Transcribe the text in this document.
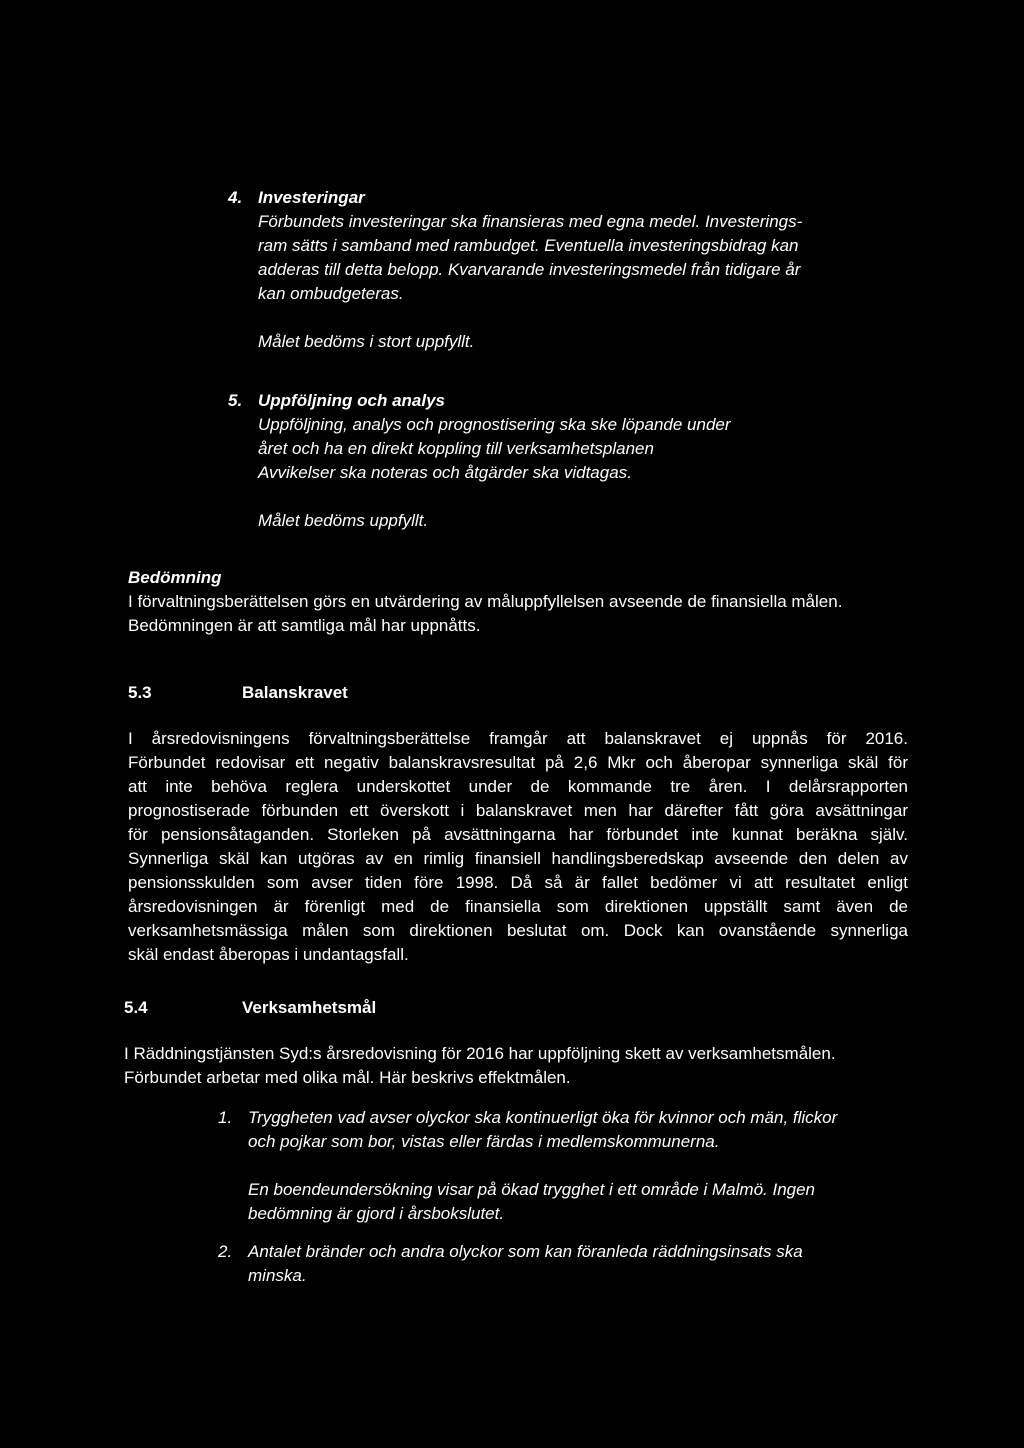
4. Investeringar
Förbundets investeringar ska finansieras med egna medel. Investerings-
ram sätts i samband med rambudget. Eventuella investeringsbidrag kan
adderas till detta belopp. Kvarvarande investeringsmedel från tidigare år
kan ombudgeteras.
Målet bedöms i stort uppfyllt.
5. Uppföljning och analys
Uppföljning, analys och prognostisering ska ske löpande under
året och ha en direkt koppling till verksamhetsplanen
Avvikelser ska noteras och åtgärder ska vidtagas.
Målet bedöms uppfyllt.
Bedömning
I förvaltningsberättelsen görs en utvärdering av måluppfyllelsen avseende de finansiella målen.
Bedömningen är att samtliga mål har uppnåtts.
5.3	Balanskravet
I årsredovisningens förvaltningsberättelse framgår att balanskravet ej uppnås för 2016.
Förbundet redovisar ett negativ balanskravsresultat på 2,6 Mkr och åberopar synnerliga skäl för
att inte behöva reglera underskottet under de kommande tre åren. I delårsrapporten
prognostiserade förbunden ett överskott i balanskravet men har därefter fått göra avsättningar
för pensionsåtaganden. Storleken på avsättningarna har förbundet inte kunnat beräkna själv.
Synnerliga skäl kan utgöras av en rimlig finansiell handlingsberedskap avseende den delen av
pensionsskulden som avser tiden före 1998. Då så är fallet bedömer vi att resultatet enligt
årsredovisningen är förenligt med de finansiella som direktionen uppställt samt även de
verksamhetsmässiga målen som direktionen beslutat om. Dock kan ovanstående synnerliga
skäl endast åberopas i undantagsfall.
5.4	Verksamhetsmål
I Räddningstjänsten Syd:s årsredovisning för 2016 har uppföljning skett av verksamhetsmålen.
Förbundet arbetar med olika mål. Här beskrivs effektmålen.
1. Tryggheten vad avser olyckor ska kontinuerligt öka för kvinnor och män, flickor
och pojkar som bor, vistas eller färdas i medlemskommunerna.
En boendeundersökning visar på ökad trygghet i ett område i Malmö. Ingen
bedömning är gjord i årsbokslutet.
2. Antalet bränder och andra olyckor som kan föranleda räddningsinsats ska
minska.
